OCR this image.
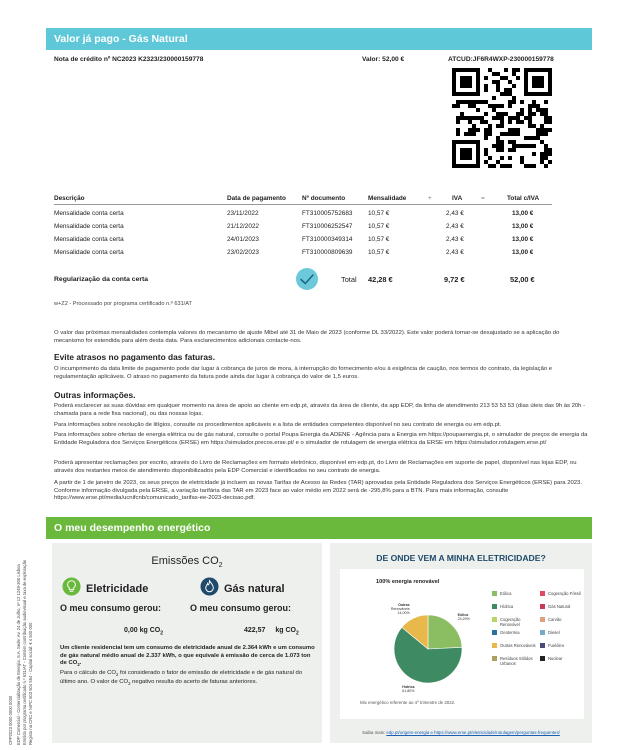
Valor já pago - Gás Natural
Nota de crédito nº NC2023 K2323/230000159778	Valor: 52,00 €	ATCUD:JF6R4WXP-230000159778
Descrição	Data de pagamento	Nº documento	Mensalidade	+	IVA	=	Total c/IVA
Mensalidade conta certa	23/11/2022	FT310005752683 10,57 €	2,43 €	13,00 €
Mensalidade conta certa	21/12/2022	FT310006252547 10,57 €	2,43 €	13,00 €
Mensalidade conta certa	24/01/2023	FT310000349314 10,57 €	2,43 €	13,00 €
Mensalidade conta certa	23/02/2023	FT310000809639 10,57 €	2,43 €	13,00 €
Regularização da conta certa	Total 42,28 €	9,72 €	52,00 €
w+Z2 - Processado por programa certificado n.º 631/AT
O valor das próximas mensalidades contempla valores do mecanismo de ajuste Mibel até 31 de Maio de 2023 (conforme DL 33/2022). Este valor poderá tornar-se desajustado se a aplicação do mecanismo for estendida para além desta data. Para esclarecimentos adicionais contacte-nos.
Evite atrasos no pagamento das faturas.
O incumprimento da data limite de pagamento pode dar lugar à cobrança de juros de mora, à interrupção do fornecimento e/ou à exigência de caução, nos termos do contrato, da legislação e regulamentação aplicáveis. O atraso no pagamento da fatura pode ainda dar lugar à cobrança do valor de 1,5 euros.
Outras informações.
Poderá esclarecer as suas dúvidas em qualquer momento na área de apoio ao cliente em edp.pt, através da área de cliente, da app EDP, da linha de atendimento 213 53 53 53 (dias úteis das 9h às 20h - chamada para a rede fixa nacional), ou das nossas lojas.
Para informações sobre resolução de litígios, consulte os procedimentos aplicáveis e a lista de entidades competentes disponível no seu contrato de energia ou em edp.pt.
Para informações sobre ofertas de energia elétrica ou de gás natural, consulte o portal Poupa Energia da ADENE - Agência para a Energia em https://poupaenergia.pt, o simulador de preços de energia da Entidade Reguladora dos Serviços Energéticos (ERSE) em https://simulador.precos.erse.pt/ e o simulador de rotulagem de energia elétrica da ERSE em https://simulador.rotulagem.erse.pt/
Poderá apresentar reclamações por escrito, através do Livro de Reclamações em formato eletrónico, disponível em edp.pt, do Livro de Reclamações em suporte de papel, disponível nas lojas EDP, ou através dos restantes meios de atendimento disponibilizados pela EDP Comercial e identificados no seu contrato de energia.
A partir de 1 de janeiro de 2023, os seus preços de eletricidade já incluem as novas Tarifas de Acesso às Redes (TAR) aprovadas pela Entidade Reguladora dos Serviços Energéticos (ERSE) para 2023. Conforme informação divulgada pela ERSE, a variação tarifária das TAR em 2023 face ao valor médio em 2022 será de -295,8% para a BTN. Para mais informação, consulte https://www.erse.pt/media/ucnifcnb/comunicado_tarifas-ee-2023-decisao.pdf.
O meu desempenho energético
Emissões $CO_2$
Eletricidade	Gás natural
O meu consumo gerou:	O meu consumo gerou:
0,00 kg $CO_2$	422,57 kg $CO_2$
Um cliente residencial tem um consumo de eletricidade anual de 2.364 kWh e um consumo de gás natural médio anual de 2.337 kWh, o que equivale à emissão de cerca de 1.073 ton de $CO_2$.
Para o cálculo de $CO_2$ foi considerado o fator de emissão de eletricidade e de gás natural do último ano. O valor de $CO_2$ negativo resulta do acerto de faturas anteriores.
DE ONDE VEM A MINHA ELETRICIDADE?
100% energia renovável
Eólica 24,20%
Hídrica 61,80%
Outras Renováveis 14,00%
Eólica	Cogeração Fóssil
Hídrica	Gás Natural
Cogeração Renovável
Carvão
Geotermia	Diesel
Outras Renováveis	Fuelóleo
Resíduos Sólidos Urbanos
Nuclear
Mix energético referente ao 4º trimestre de 2022.
Saiba mais: edp.pt/origem-energia e https://www.erse.pt/eletricidade/rotulagem/perguntas-frequentes/
CPP2023 0000 0000 0000 EDP Comercial - Comercialização de Energia, S.A. Sede: Av. 24 de Julho, nº 12 1249-300 Lisboa Emitido por programa certificado n.º 631/AT - Contém contribuição audiovisual e taxa de exploração Registo na CRC e NIPC 503 504 564 - Capital social: € 4 500 000
